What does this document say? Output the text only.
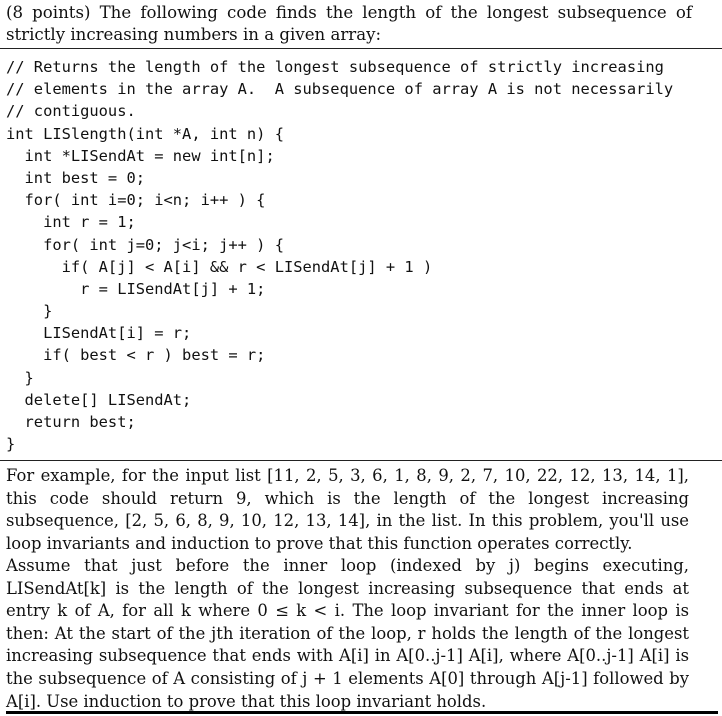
(8 points) The following code finds the length of the longest subsequence of strictly increasing numbers in a given array:
// Returns the length of the longest subsequence of strictly increasing
// elements in the array A.  A subsequence of array A is not necessarily
// contiguous.
int LISlength(int *A, int n) {
int *LISendAt = new int[n];
int best = 0;
for( int i=0; i<n; i++ ) {
int r = 1;
for( int j=0; j<i; j++ ) {
if( A[j] < A[i] && r < LISendAt[j] + 1 )
r = LISendAt[j] + 1;
}
LISendAt[i] = r;
if( best < r ) best = r;
}
delete[] LISendAt;
return best;
}

For example, for the input list [11, 2, 5, 3, 6, 1, 8, 9, 2, 7, 10, 22, 12, 13, 14, 1], this code should return 9, which is the length of the longest increasing subsequence, [2, 5, 6, 8, 9, 10, 12, 13, 14], in the list. In this problem, you'll use loop invariants and induction to prove that this function operates correctly.

Assume that just before the inner loop (indexed by j) begins executing, LISendAt[k] is the length of the longest increasing subsequence that ends at entry k of A, for all k where 0 ≤ k < i. The loop invariant for the inner loop is then: At the start of the jth iteration of the loop, r holds the length of the longest increasing subsequence that ends with A[i] in A[0..j-1] A[i], where A[0..j-1] A[i] is the subsequence of A consisting of j + 1 elements A[0] through A[j-1] followed by A[i]. Use induction to prove that this loop invariant holds.
